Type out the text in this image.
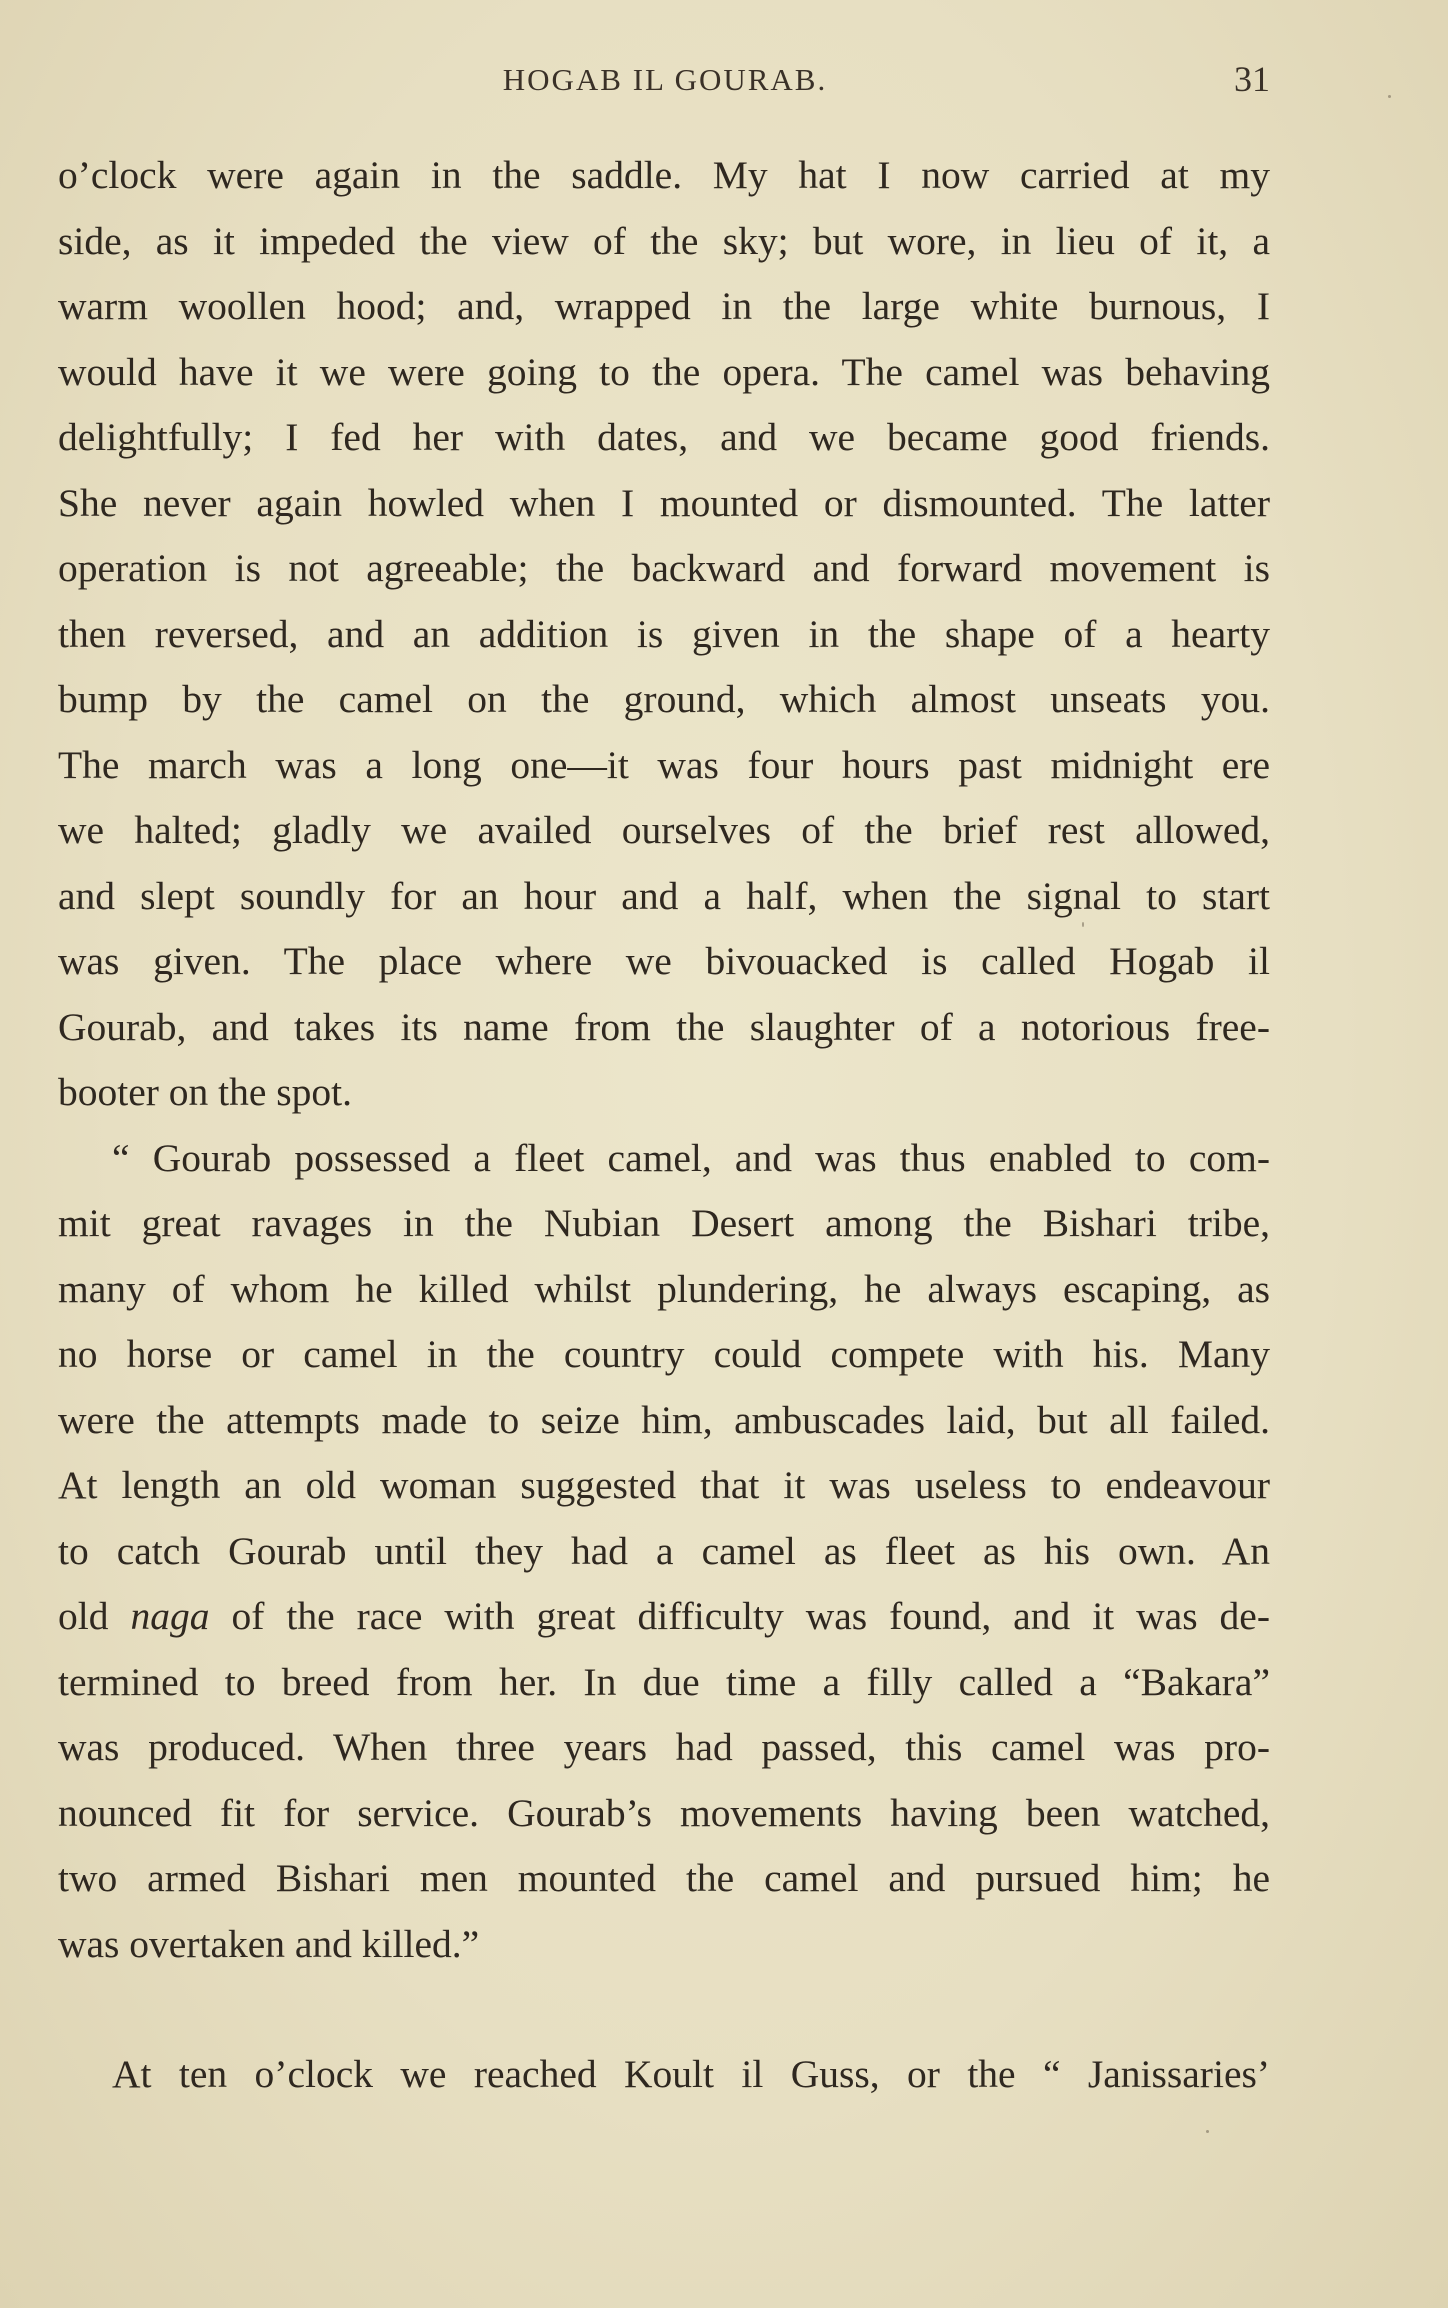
HOGAB IL GOURAB.	31

o’clock were again in the saddle. My hat I now carried at my
side, as it impeded the view of the sky; but wore, in lieu of it, a
warm woollen hood; and, wrapped in the large white burnous, I
would have it we were going to the opera. The camel was behaving
delightfully; I fed her with dates, and we became good friends.
She never again howled when I mounted or dismounted. The latter
operation is not agreeable; the backward and forward movement is
then reversed, and an addition is given in the shape of a hearty
bump by the camel on the ground, which almost unseats you.
The march was a long one—it was four hours past midnight ere
we halted; gladly we availed ourselves of the brief rest allowed,
and slept soundly for an hour and a half, when the signal to start
was given. The place where we bivouacked is called Hogab il
Gourab, and takes its name from the slaughter of a notorious free-
booter on the spot.

“ Gourab possessed a fleet camel, and was thus enabled to com-
mit great ravages in the Nubian Desert among the Bishari tribe,
many of whom he killed whilst plundering, he always escaping, as
no horse or camel in the country could compete with his. Many
were the attempts made to seize him, ambuscades laid, but all failed.
At length an old woman suggested that it was useless to endeavour
to catch Gourab until they had a camel as fleet as his own. An
old naga of the race with great difficulty was found, and it was de-
termined to breed from her. In due time a filly called a “Bakara”
was produced. When three years had passed, this camel was pro-
nounced fit for service. Gourab’s movements having been watched,
two armed Bishari men mounted the camel and pursued him; he
was overtaken and killed.”

At ten o’clock we reached Koult il Guss, or the “ Janissaries’
